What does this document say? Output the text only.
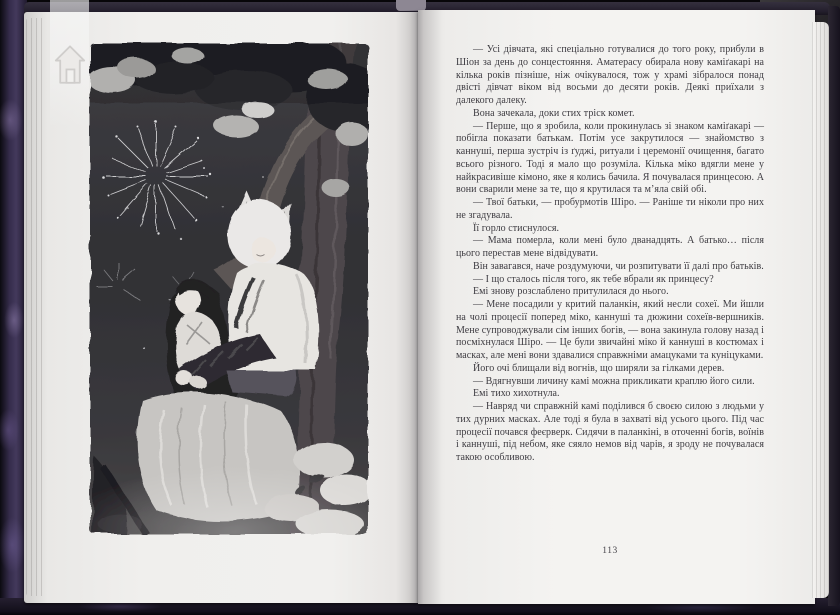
— Усі дівчата, які спеціально готувалися до того року, прибули в Шіон за день до сонцестояння. Аматерасу обирала нову каміґакарі на кілька років пізніше, ніж очікувалося, тож у храмі зібралося понад двісті дівчат віком від восьми до десяти років. Деякі приїхали з далекого далеку.

Вона зачекала, доки стих тріск комет.

— Перше, що я зробила, коли прокинулась зі знаком каміґакарі — побігла показати батькам. Потім усе закрутилося — знайомство з каннуші, перша зустріч із ґуджі, ритуали і церемонії очищення, багато всього різного. Тоді я мало що розуміла. Кілька міко вдягли мене у найкрасивіше кімоно, яке я колись бачила. Я почувалася принцесою. А вони сварили мене за те, що я крутилася та м’яла свій обі.

— Твої батьки, — пробурмотів Шіро. — Раніше ти ніколи про них не згадувала.

Її горло стиснулося.

— Мама померла, коли мені було дванадцять. А батько… після цього перестав мене відвідувати.

Він завагався, наче роздумуючи, чи розпитувати її далі про батьків.

— І що сталось після того, як тебе вбрали як принцесу?

Емі знову розслаблено притулилася до нього.

— Мене посадили у критий паланкін, який несли сохеї. Ми йшли на чолі процесії поперед міко, каннуші та дюжини сохеїв-вершників. Мене супроводжували сім інших богів, — вона закинула голову назад і посміхнулася Шіро. — Це були звичайні міко й каннуші в костюмах і масках, але мені вони здавалися справжніми амацуками та куніцуками.

Його очі блищали від вогнів, що ширяли за гілками дерев.

— Вдягнувши личину камі можна прикликати краплю його сили.

Емі тихо хихотнула.

— Навряд чи справжній камі поділився б своєю силою з людьми у тих дурних масках. Але тоді я була в захваті від усього цього. Під час процесії почався феєрверк. Сидячи в паланкіні, в оточенні богів, воїнів і каннуші, під небом, яке сяяло немов від чарів, я зроду не почувалася такою особливою.

113
